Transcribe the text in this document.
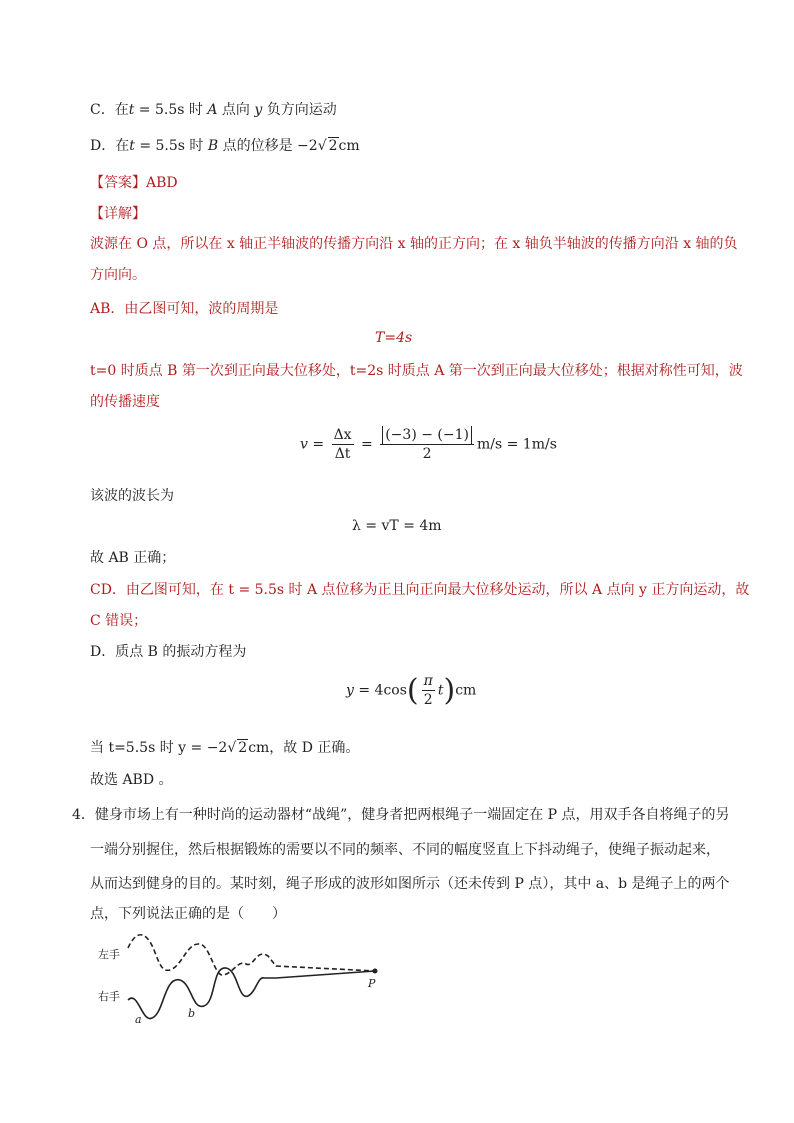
C．在t = 5.5s 时 A 点向 y 负方向运动
D．在t = 5.5s 时 B 点的位移是 −2√ 2cm
【答案】ABD
【详解】
波源在 O 点，所以在 x 轴正半轴波的传播方向沿 x 轴的正方向；在 x 轴负半轴波的传播方向沿 x 轴的负
方向向。
AB．由乙图可知，波的周期是
T=4s
t=0 时质点 B 第一次到正向最大位移处，t=2s 时质点 A 第一次到正向最大位移处；根据对称性可知，波
的传播速度
$v = \frac{\Delta x}{\Delta t} = \frac{(-3) - (-1)}{2} m/s = 1m/s$
该波的波长为
λ = vT = 4m
故 AB 正确；
CD．由乙图可知，在 t = 5.5s 时 A 点位移为正且向正向最大位移处运动，所以 A 点向 y 正方向运动，故
C 错误；
D．质点 B 的振动方程为
$y = 4\cos( \frac{\pi}{2} t)cm$
当 t=5.5s 时 y = −2√ 2cm，故 D 正确。
故选 ABD 。
4．健身市场上有一种时尚的运动器材“战绳”，健身者把两根绳子一端固定在 P 点，用双手各自将绳子的另
一端分别握住，然后根据锻炼的需要以不同的频率、不同的幅度竖直上下抖动绳子，使绳子振动起来，
从而达到健身的目的。某时刻，绳子形成的波形如图所示（还未传到 P 点），其中 a、b 是绳子上的两个
点，下列说法正确的是（　　）
左手
右手
a	b
P
